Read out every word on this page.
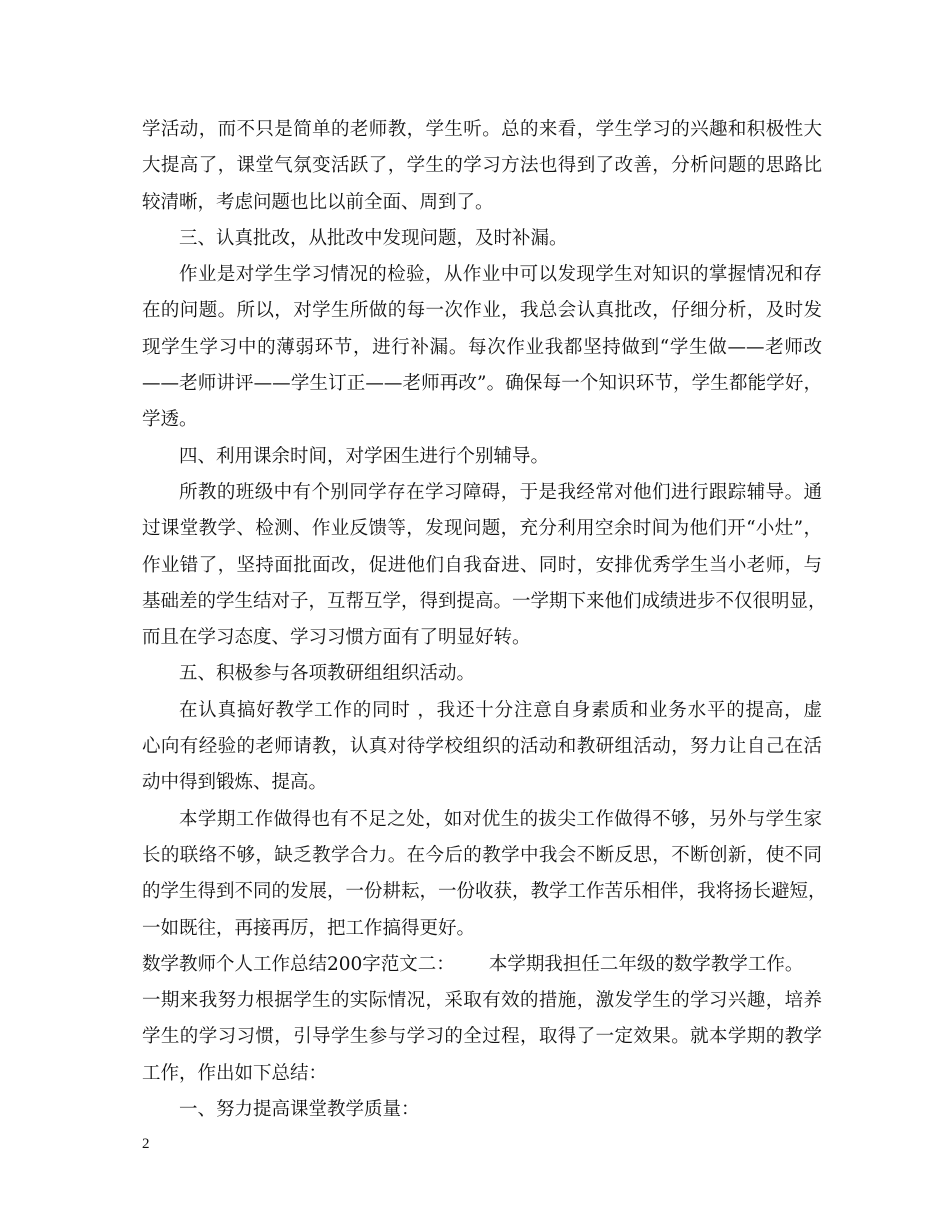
学活动，而不只是简单的老师教，学生听。总的来看，学生学习的兴趣和积极性大
大提高了，课堂气氛变活跃了，学生的学习方法也得到了改善，分析问题的思路比
较清晰，考虑问题也比以前全面、周到了。
三、认真批改，从批改中发现问题，及时补漏。
作业是对学生学习情况的检验，从作业中可以发现学生对知识的掌握情况和存
在的问题。所以，对学生所做的每一次作业，我总会认真批改，仔细分析，及时发
现学生学习中的薄弱环节，进行补漏。每次作业我都坚持做到“学生做——老师改
——老师讲评——学生订正——老师再改”。确保每一个知识环节，学生都能学好，
学透。
四、利用课余时间，对学困生进行个别辅导。
所教的班级中有个别同学存在学习障碍，于是我经常对他们进行跟踪辅导。通
过课堂教学、检测、作业反馈等，发现问题，充分利用空余时间为他们开“小灶”，
作业错了，坚持面批面改，促进他们自我奋进、同时，安排优秀学生当小老师，与
基础差的学生结对子，互帮互学，得到提高。一学期下来他们成绩进步不仅很明显，
而且在学习态度、学习习惯方面有了明显好转。
五、积极参与各项教研组组织活动。
在认真搞好教学工作的同时 ，我还十分注意自身素质和业务水平的提高，虚
心向有经验的老师请教，认真对待学校组织的活动和教研组活动，努力让自己在活
动中得到锻炼、提高。
本学期工作做得也有不足之处，如对优生的拔尖工作做得不够，另外与学生家
长的联络不够，缺乏教学合力。在今后的教学中我会不断反思，不断创新，使不同
的学生得到不同的发展，一份耕耘，一份收获，教学工作苦乐相伴，我将扬长避短，
一如既往，再接再厉，把工作搞得更好。
数学教师个人工作总结200字范文二： 本学期我担任二年级的数学教学工作。
一期来我努力根据学生的实际情况，采取有效的措施，激发学生的学习兴趣，培养
学生的学习习惯，引导学生参与学习的全过程，取得了一定效果。就本学期的教学
工作，作出如下总结：
一、努力提高课堂教学质量：
2
